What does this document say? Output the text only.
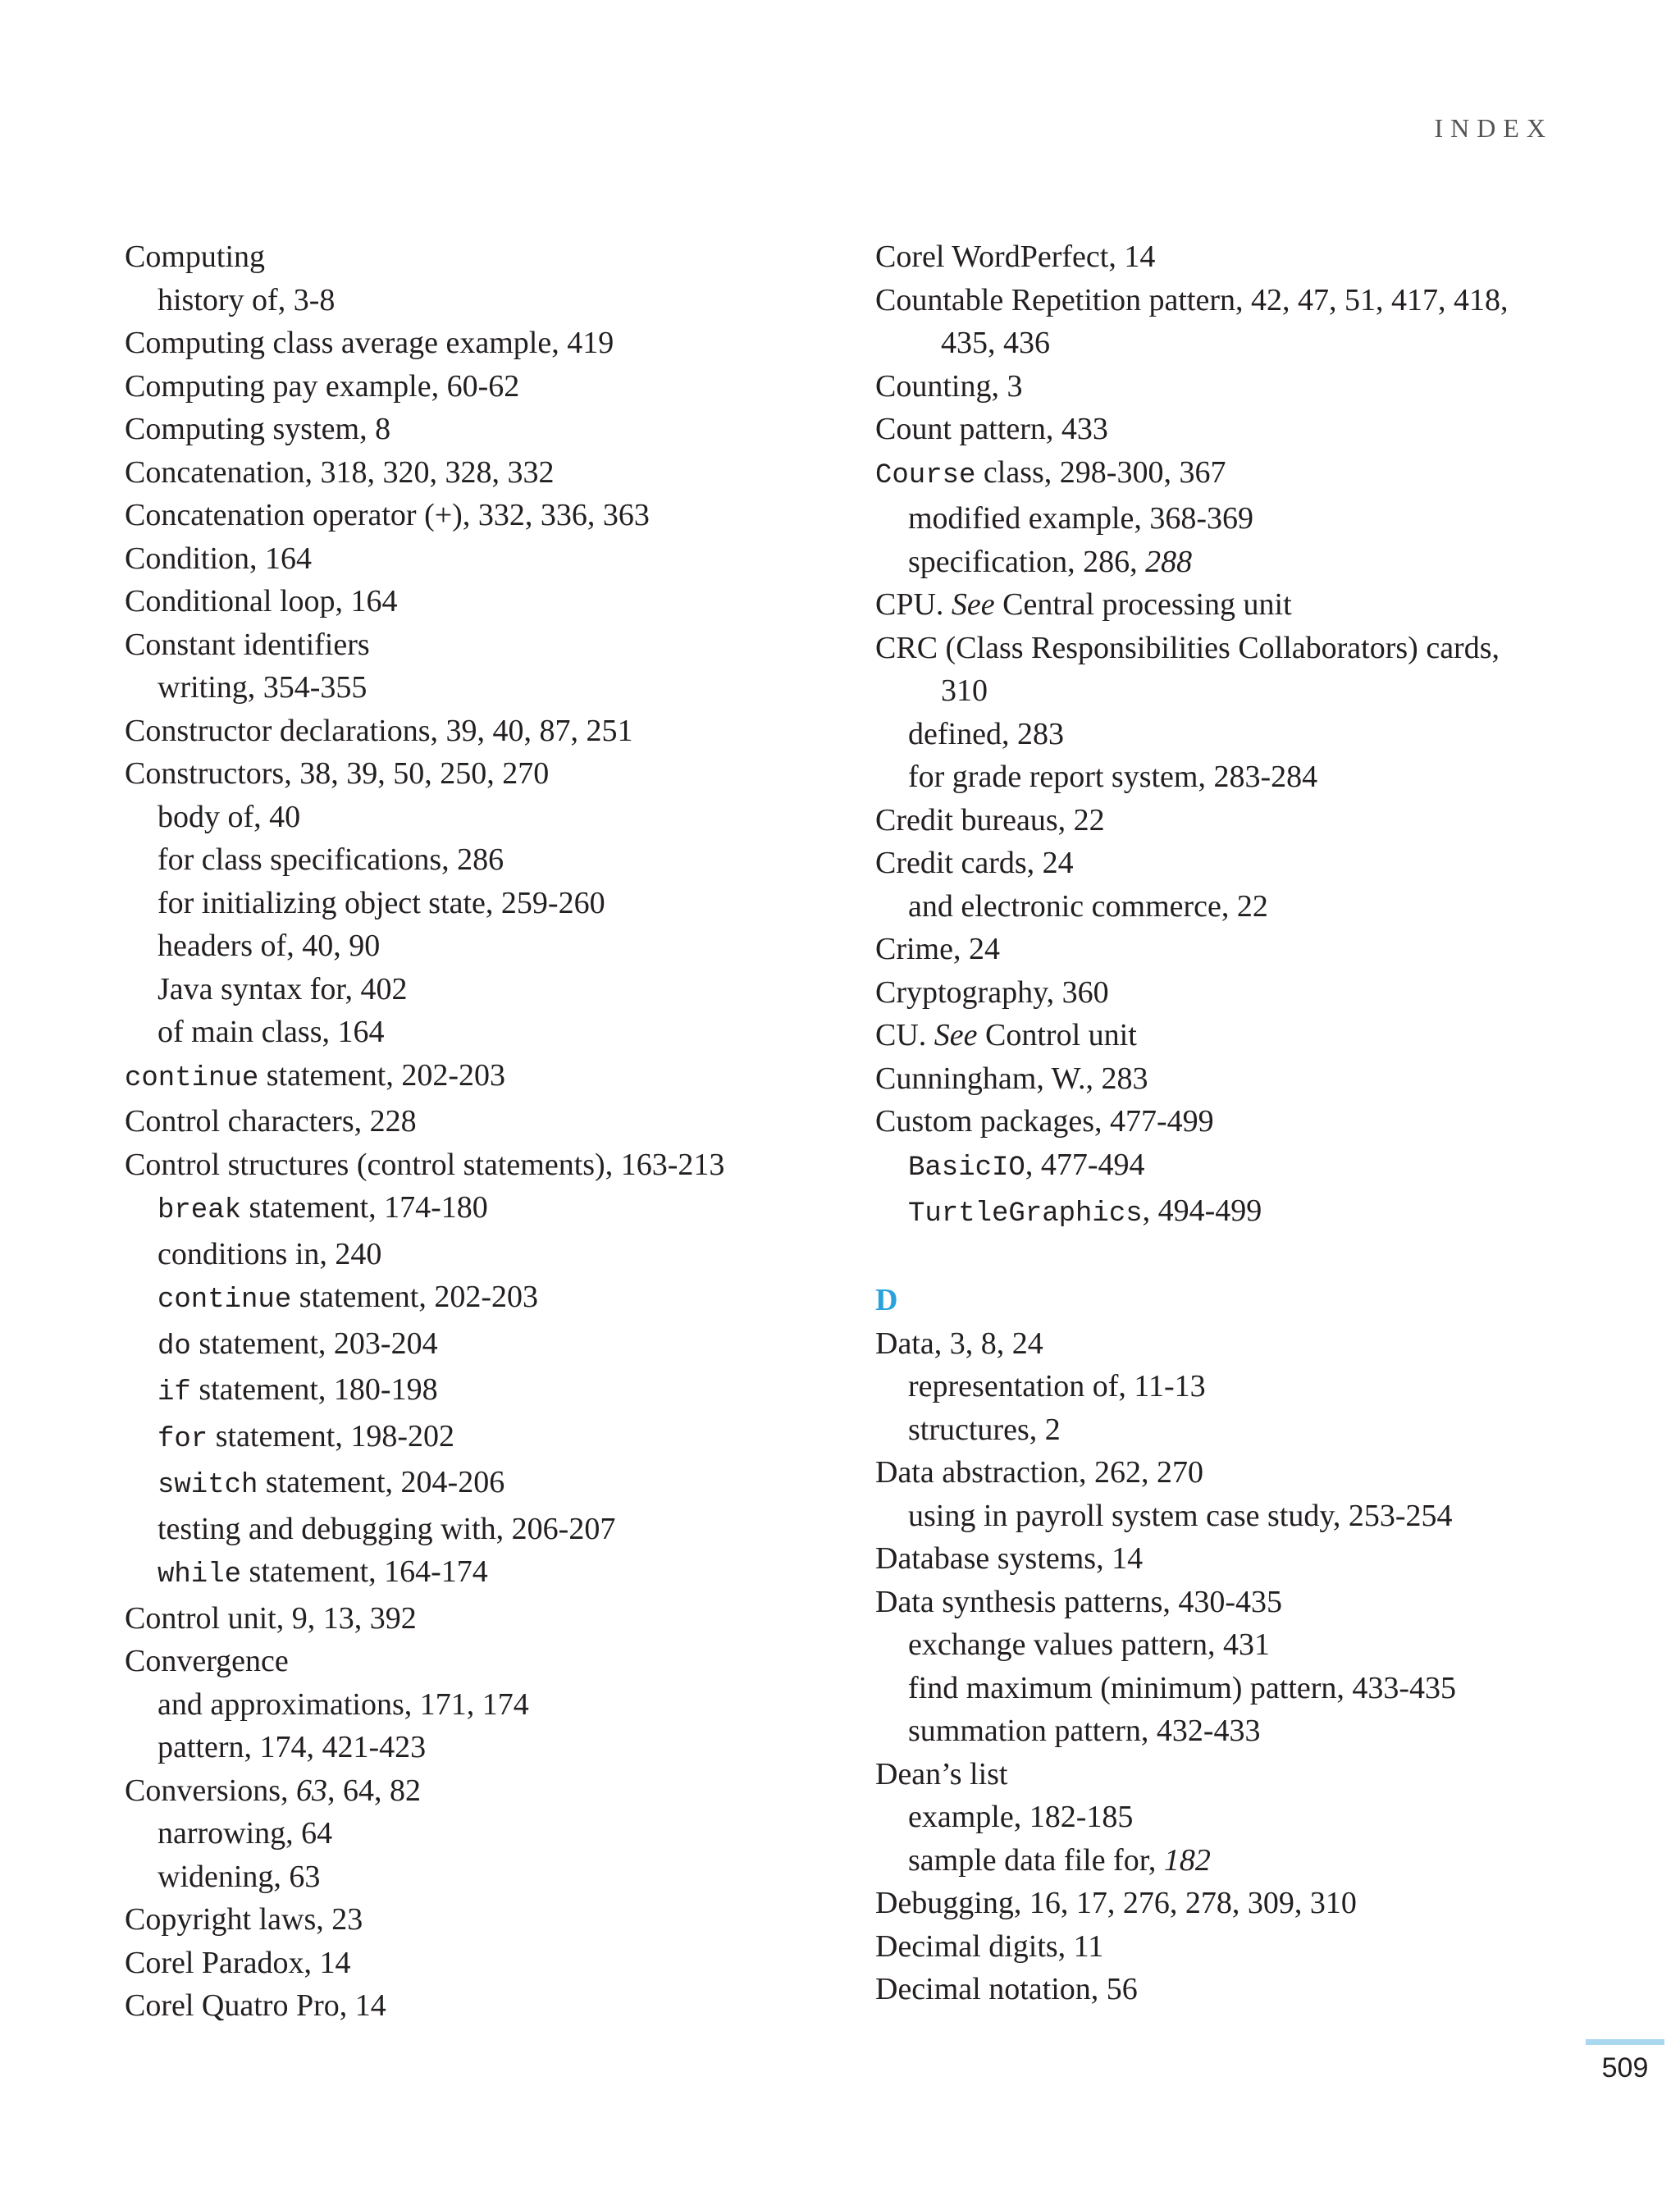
INDEX
Computing
history of, 3-8
Computing class average example, 419
Computing pay example, 60-62
Computing system, 8
Concatenation, 318, 320, 328, 332
Concatenation operator (+), 332, 336, 363
Condition, 164
Conditional loop, 164
Constant identifiers
writing, 354-355
Constructor declarations, 39, 40, 87, 251
Constructors, 38, 39, 50, 250, 270
body of, 40
for class specifications, 286
for initializing object state, 259-260
headers of, 40, 90
Java syntax for, 402
of main class, 164
continue statement, 202-203
Control characters, 228
Control structures (control statements), 163-213
break statement, 174-180
conditions in, 240
continue statement, 202-203
do statement, 203-204
if statement, 180-198
for statement, 198-202
switch statement, 204-206
testing and debugging with, 206-207
while statement, 164-174
Control unit, 9, 13, 392
Convergence
and approximations, 171, 174
pattern, 174, 421-423
Conversions, 63, 64, 82
narrowing, 64
widening, 63
Copyright laws, 23
Corel Paradox, 14
Corel Quatro Pro, 14
Corel WordPerfect, 14
Countable Repetition pattern, 42, 47, 51, 417, 418,
435, 436
Counting, 3
Count pattern, 433
Course class, 298-300, 367
modified example, 368-369
specification, 286, 288
CPU. See Central processing unit
CRC (Class Responsibilities Collaborators) cards,
310
defined, 283
for grade report system, 283-284
Credit bureaus, 22
Credit cards, 24
and electronic commerce, 22
Crime, 24
Cryptography, 360
CU. See Control unit
Cunningham, W., 283
Custom packages, 477-499
BasicIO, 477-494
TurtleGraphics, 494-499
D
Data, 3, 8, 24
representation of, 11-13
structures, 2
Data abstraction, 262, 270
using in payroll system case study, 253-254
Database systems, 14
Data synthesis patterns, 430-435
exchange values pattern, 431
find maximum (minimum) pattern, 433-435
summation pattern, 432-433
Dean’s list
example, 182-185
sample data file for, 182
Debugging, 16, 17, 276, 278, 309, 310
Decimal digits, 11
Decimal notation, 56
509
